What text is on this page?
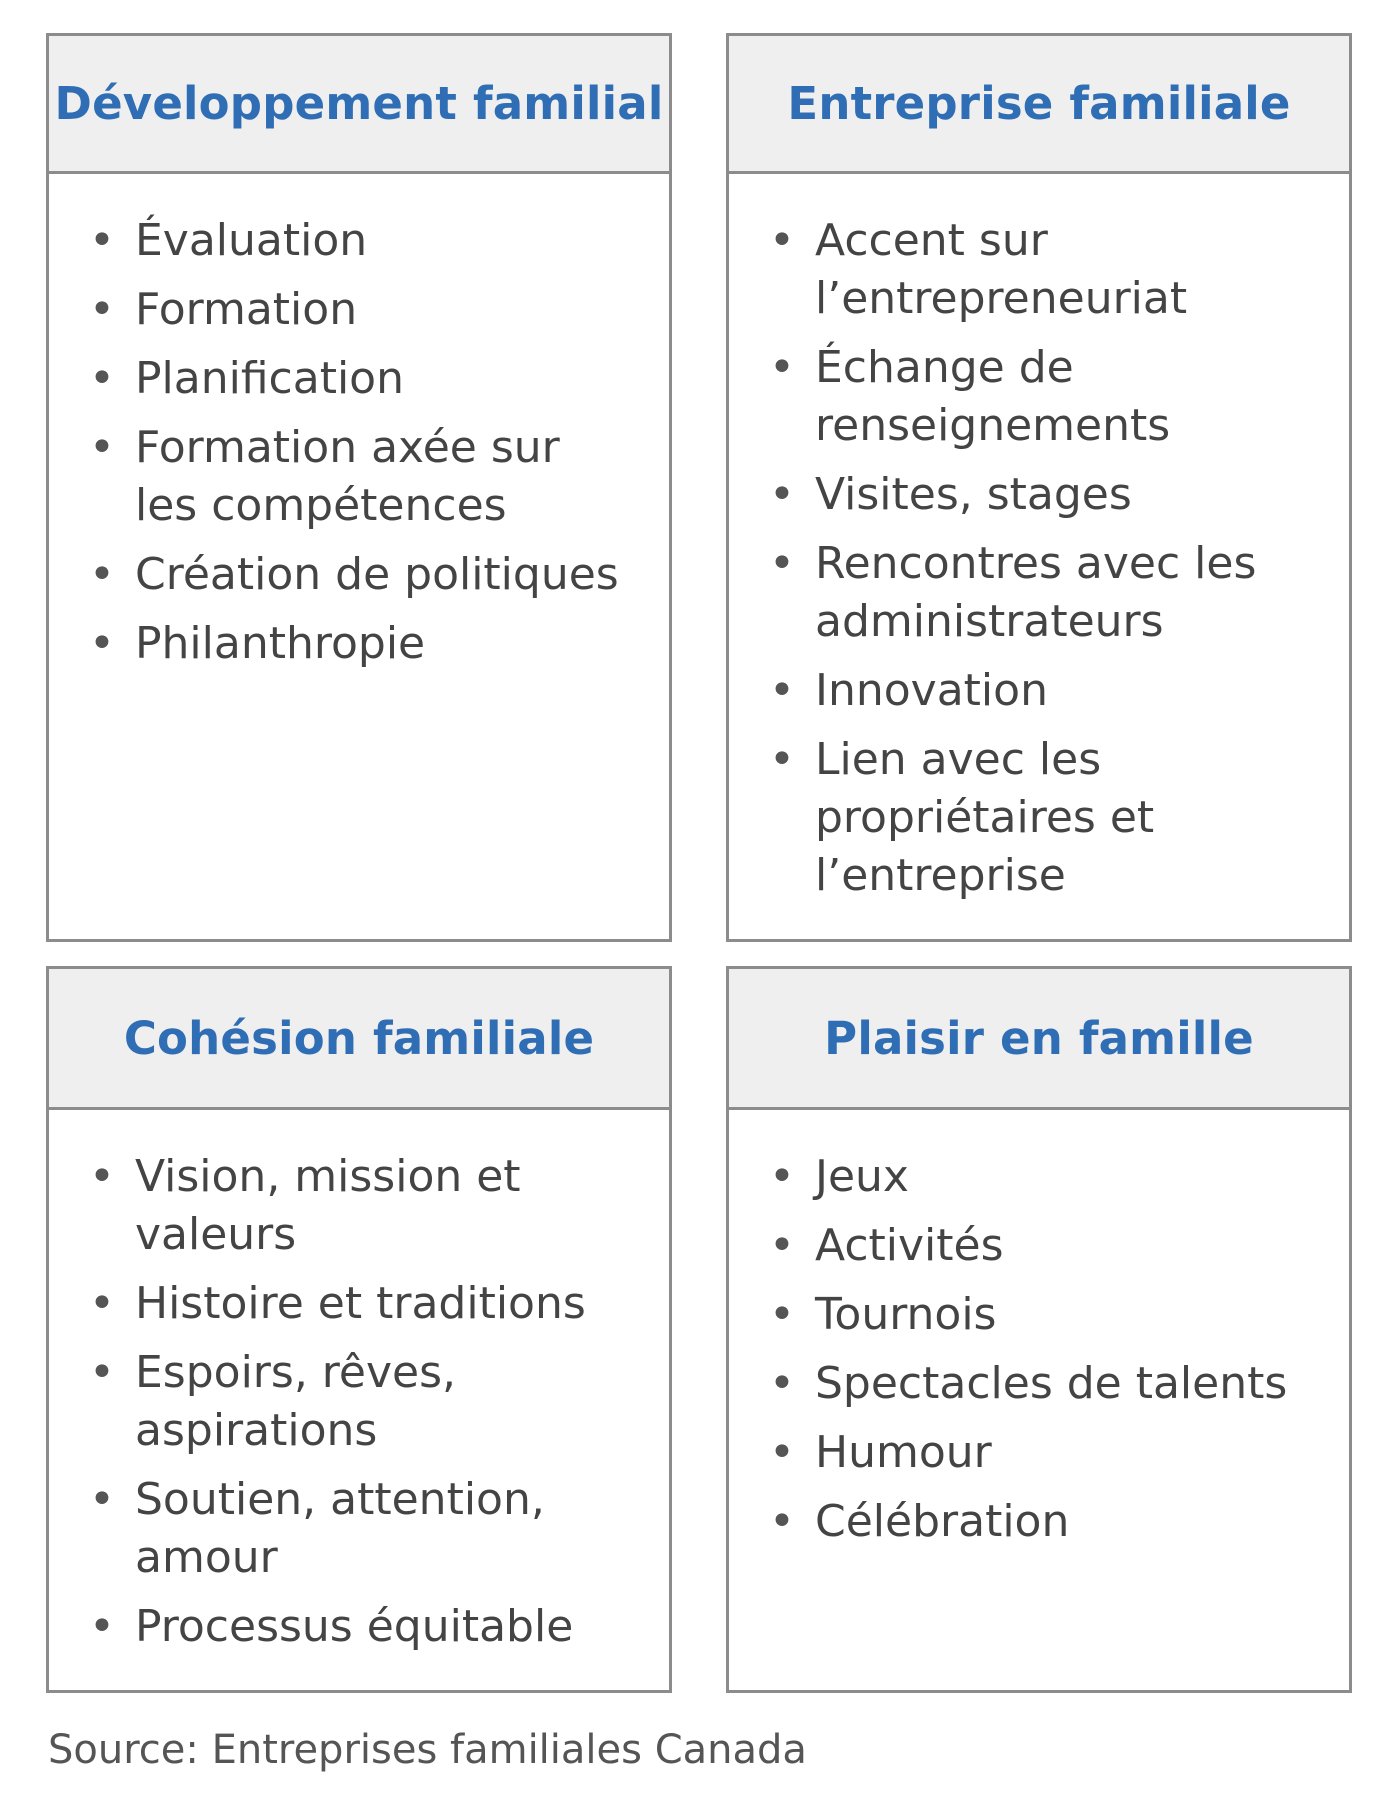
Développement familial
• Évaluation
• Formation
• Planification
• Formation axée sur les compétences
• Création de politiques
• Philanthropie
Entreprise familiale
• Accent sur l’entrepreneuriat
• Échange de renseignements
• Visites, stages
• Rencontres avec les administrateurs
• Innovation
• Lien avec les propriétaires et l’entreprise
Cohésion familiale
• Vision, mission et valeurs
• Histoire et traditions
• Espoirs, rêves, aspirations
• Soutien, attention, amour
• Processus équitable
Plaisir en famille
• Jeux
• Activités
• Tournois
• Spectacles de talents
• Humour
• Célébration
Source: Entreprises familiales Canada
